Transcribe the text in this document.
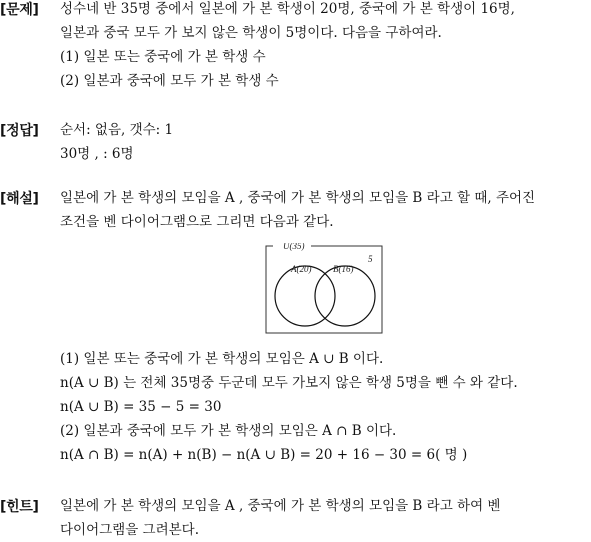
[문제] 성수네 반 35명 중에서 일본에 가 본 학생이 20명, 중국에 가 본 학생이 16명,
일본과 중국 모두 가 보지 않은 학생이 5명이다. 다음을 구하여라.
(1) 일본 또는 중국에 가 본 학생 수
(2) 일본과 중국에 모두 가 본 학생 수
[정답] 순서: 없음, 갯수: 1
30명 , : 6명
[해설] 일본에 가 본 학생의 모임을 A , 중국에 가 본 학생의 모임을 B 라고 할 때, 주어진
조건을 벤 다이어그램으로 그리면 다음과 같다.
U(35)
A(20) B(16)
5
(1) 일본 또는 중국에 가 본 학생의 모임은 A ∪ B 이다.
n(A ∪ B) 는 전체 35명중 두군데 모두 가보지 않은 학생 5명을 뺀 수 와 같다.
n(A ∪ B) = 35 − 5 = 30
(2) 일본과 중국에 모두 가 본 학생의 모임은 A ∩ B 이다.
n(A ∩ B) = n(A) + n(B) − n(A ∪ B) = 20 + 16 − 30 = 6( 명 )
[힌트] 일본에 가 본 학생의 모임을 A , 중국에 가 본 학생의 모임을 B 라고 하여 벤
다이어그램을 그려본다.
